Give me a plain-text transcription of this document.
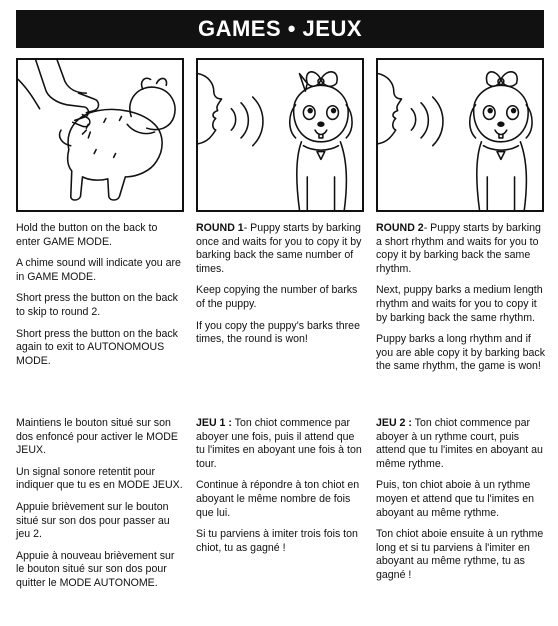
GAMES • JEUX

Hold the button on the back to enter GAME MODE.

A chime sound will indicate you are in GAME MODE.

Short press the button on the back to skip to round 2.

Short press the button on the back again to exit to AUTONOMOUS MODE.

ROUND 1- Puppy starts by barking once and waits for you to copy it by barking back the same number of times.

Keep copying the number of barks of the puppy.

If you copy the puppy's barks three times, the round is won!

ROUND 2- Puppy starts by barking a short rhythm and waits for you to copy it by barking back the same rhythm.

Next, puppy barks a medium length rhythm and waits for you to copy it by barking back the same rhythm.

Puppy barks a long rhythm and if you are able copy it by barking back the same rhythm, the game is won!

Maintiens le bouton situé sur son dos enfoncé pour activer le MODE JEUX.

Un signal sonore retentit pour indiquer que tu es en MODE JEUX.

Appuie brièvement sur le bouton situé sur son dos pour passer au jeu 2.

Appuie à nouveau brièvement sur le bouton situé sur son dos pour quitter le MODE AUTONOME.

JEU 1 : Ton chiot commence par aboyer une fois, puis il attend que tu l'imites en aboyant une fois à ton tour.

Continue à répondre à ton chiot en aboyant le même nombre de fois que lui.

Si tu parviens à imiter trois fois ton chiot, tu as gagné !

JEU 2 : Ton chiot commence par aboyer à un rythme court, puis attend que tu l'imites en aboyant au même rythme.

Puis, ton chiot aboie à un rythme moyen et attend que tu l'imites en aboyant au même rythme.

Ton chiot aboie ensuite à un rythme long et si tu parviens à l'imiter en aboyant au même rythme, tu as gagné !
